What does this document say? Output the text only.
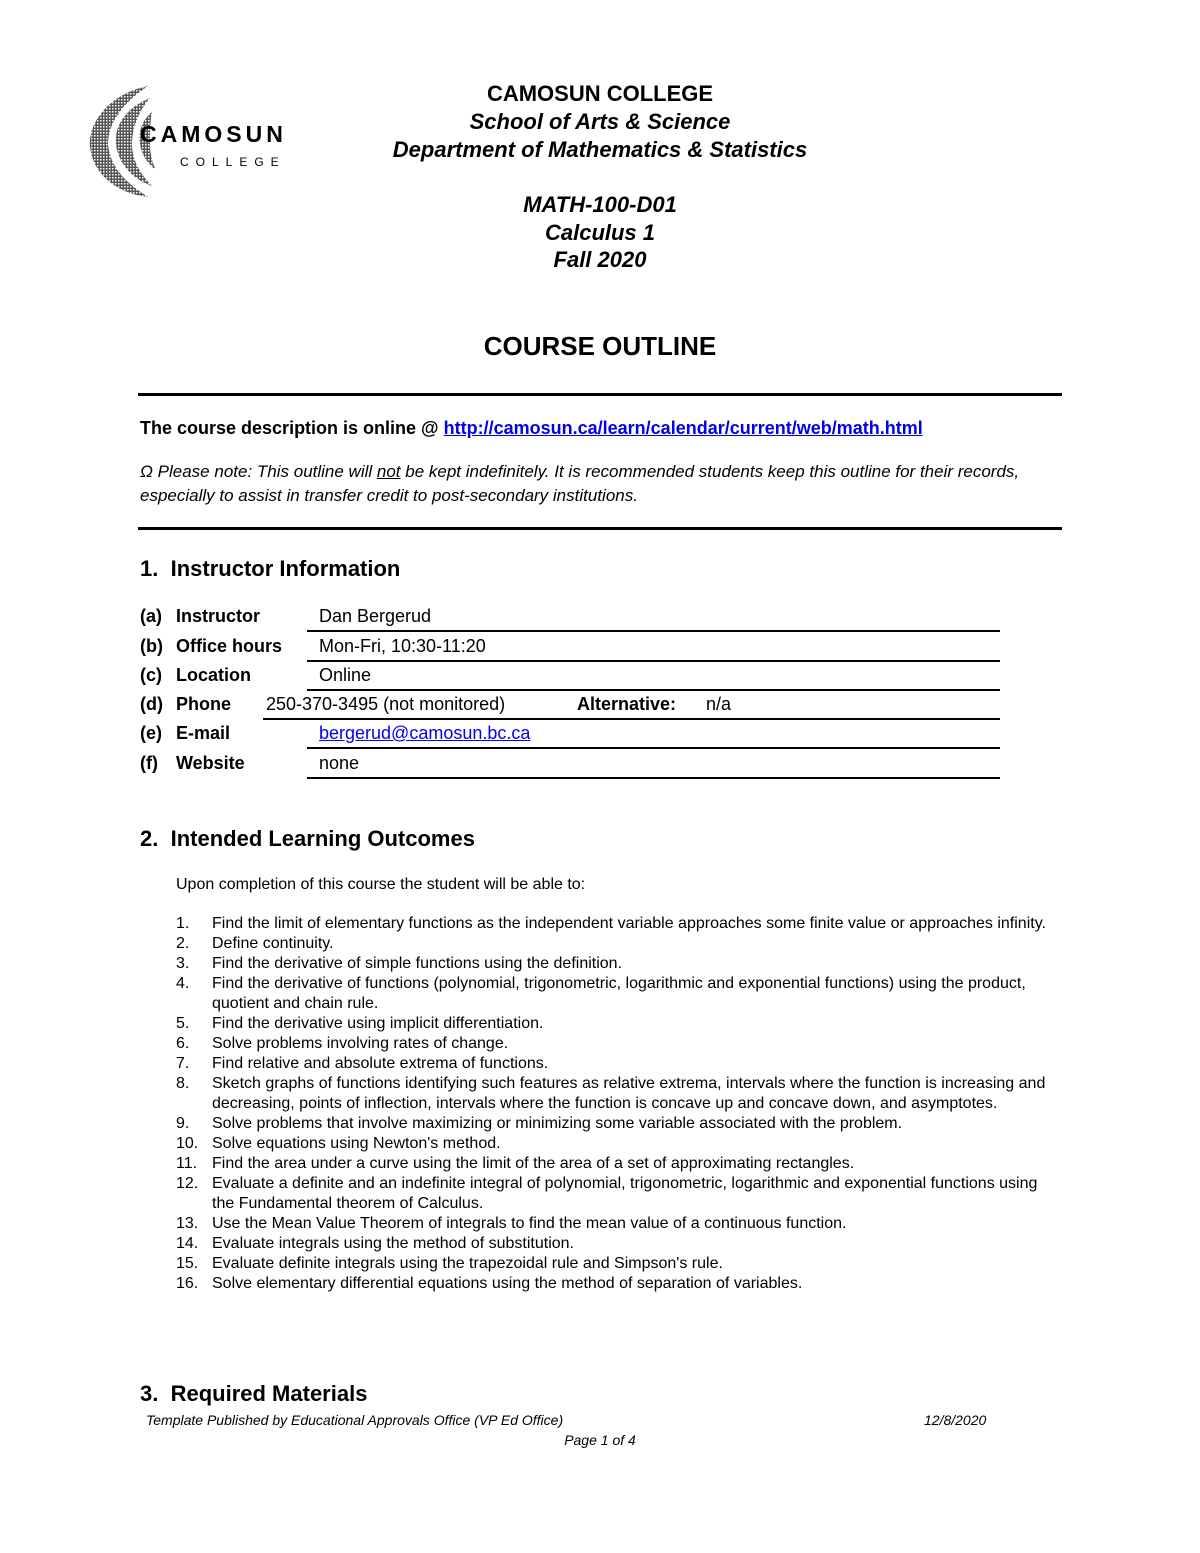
CAMOSUN
COLLEGE
CAMOSUN COLLEGE
School of Arts & Science
Department of Mathematics & Statistics
MATH-100-D01
Calculus 1
Fall 2020
COURSE OUTLINE
The course description is online @ http://camosun.ca/learn/calendar/current/web/math.html
Ω Please note: This outline will not be kept indefinitely. It is recommended students keep this outline for their records, especially to assist in transfer credit to post-secondary institutions.
1. Instructor Information
(a) Instructor	Dan Bergerud
(b) Office hours Mon-Fri, 10:30-11:20
(c) Location	Online
(d) Phone 250-370-3495 (not monitored)	Alternative: n/a
(e) E-mail	bergerud@camosun.bc.ca
(f) Website	none
2. Intended Learning Outcomes
Upon completion of this course the student will be able to:
1. Find the limit of elementary functions as the independent variable approaches some finite value or approaches infinity.
2. Define continuity.
3. Find the derivative of simple functions using the definition.
4. Find the derivative of functions (polynomial, trigonometric, logarithmic and exponential functions) using the product, quotient and chain rule.
5. Find the derivative using implicit differentiation.
6. Solve problems involving rates of change.
7. Find relative and absolute extrema of functions.
8. Sketch graphs of functions identifying such features as relative extrema, intervals where the function is increasing and decreasing, points of inflection, intervals where the function is concave up and concave down, and asymptotes.
9. Solve problems that involve maximizing or minimizing some variable associated with the problem.
10. Solve equations using Newton's method.
11. Find the area under a curve using the limit of the area of a set of approximating rectangles.
12. Evaluate a definite and an indefinite integral of polynomial, trigonometric, logarithmic and exponential functions using the Fundamental theorem of Calculus.
13. Use the Mean Value Theorem of integrals to find the mean value of a continuous function.
14. Evaluate integrals using the method of substitution.
15. Evaluate definite integrals using the trapezoidal rule and Simpson's rule.
16. Solve elementary differential equations using the method of separation of variables.
3. Required Materials
Template Published by Educational Approvals Office (VP Ed Office)	12/8/2020
Page 1 of 4
